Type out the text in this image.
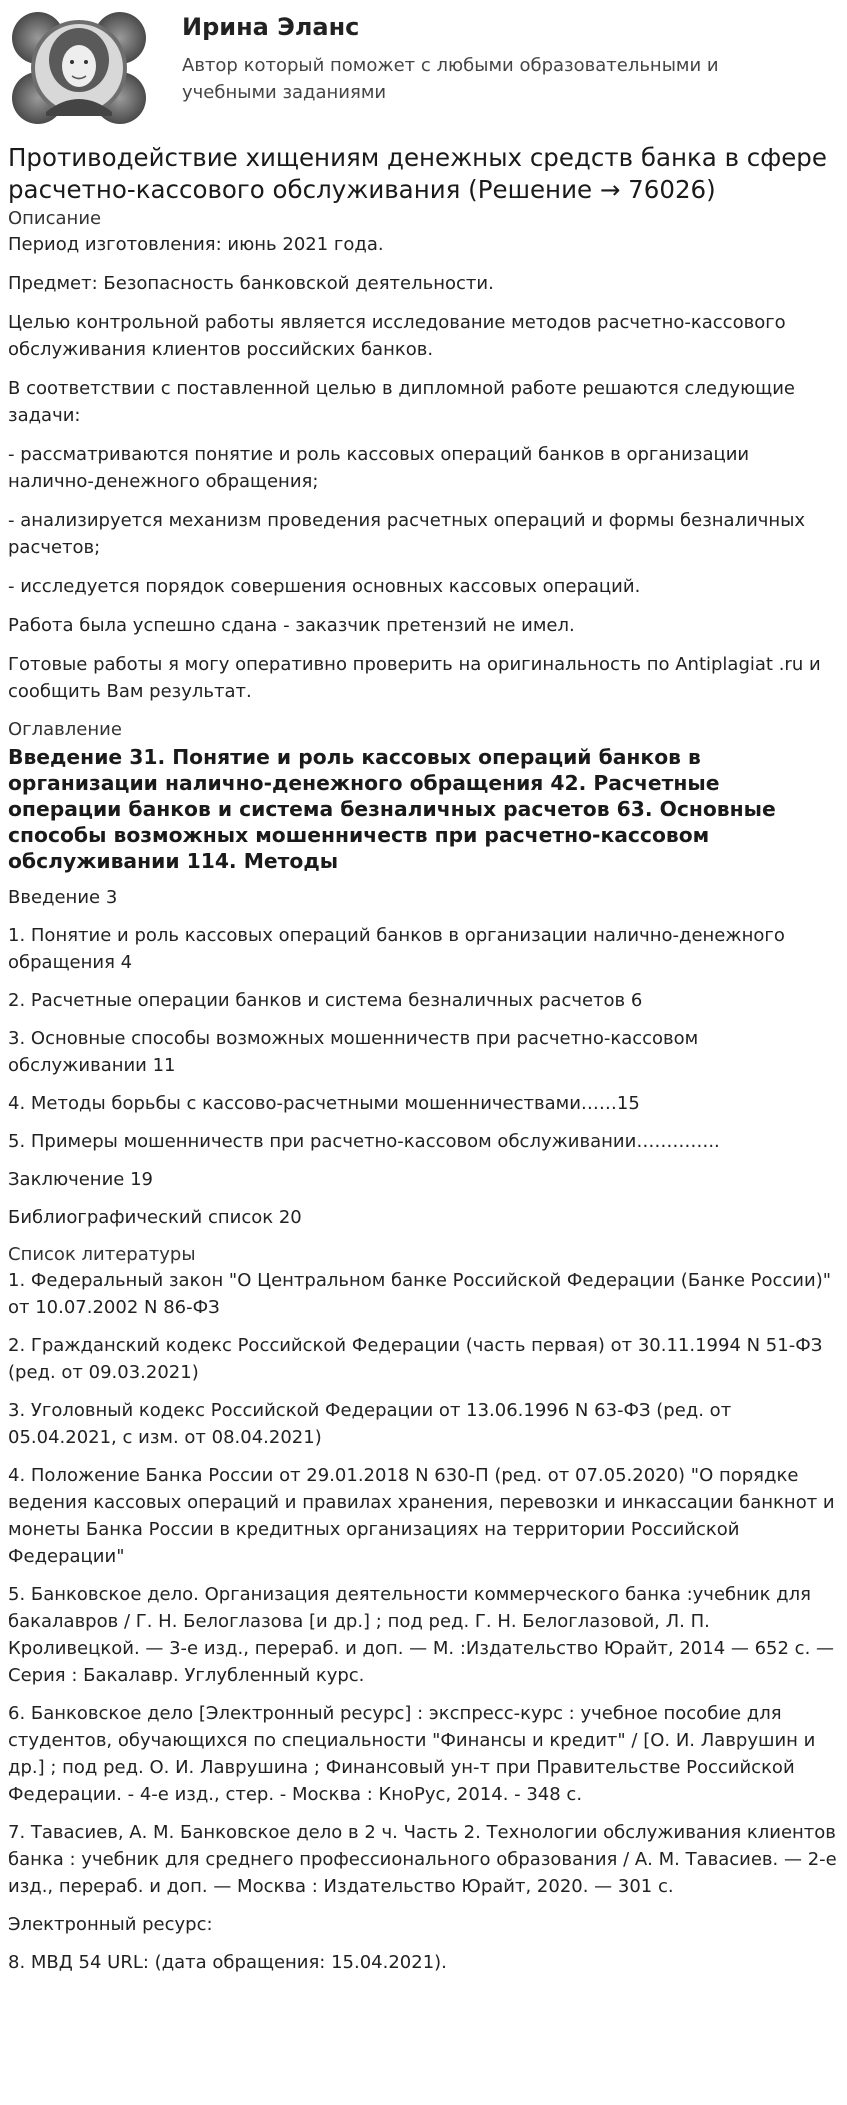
Ирина Эланс
Автор который поможет с любыми образовательными и учебными заданиями
Противодействие хищениям денежных средств банка в сфере расчетно-кассового обслуживания (Решение → 76026)
Описание

Период изготовления: июнь 2021 года.

Предмет: Безопасность банковской деятельности.

Целью контрольной работы является исследование методов расчетно-кассового обслуживания клиентов российских банков.

В соответствии с поставленной целью в дипломной работе решаются следующие задачи:

- рассматриваются понятие и роль кассовых операций банков в организации налично-денежного обращения;

- анализируется механизм проведения расчетных операций и формы безналичных расчетов;

- исследуется порядок совершения основных кассовых операций.

Работа была успешно сдана - заказчик претензий не имел.

Готовые работы я могу оперативно проверить на оригинальность по Antiplagiat .ru и сообщить Вам результат.

Оглавление
Введение 31. Понятие и роль кассовых операций банков в организации налично-денежного обращения 42. Расчетные операции банков и система безналичных расчетов 63. Основные способы возможных мошенничеств при расчетно-кассовом обслуживании 114. Методы

Введение 3

1. Понятие и роль кассовых операций банков в организации налично-денежного обращения 4

2. Расчетные операции банков и система безналичных расчетов 6

3. Основные способы возможных мошенничеств при расчетно-кассовом обслуживании 11

4. Методы борьбы с кассово-расчетными мошенничествами……15

5. Примеры мошенничеств при расчетно-кассовом обслуживании…………..

Заключение 19

Библиографический список 20

Список литературы

1. Федеральный закон "О Центральном банке Российской Федерации (Банке России)" от 10.07.2002 N 86-ФЗ

2. Гражданский кодекс Российской Федерации (часть первая) от 30.11.1994 N 51-ФЗ (ред. от 09.03.2021)

3. Уголовный кодекс Российской Федерации от 13.06.1996 N 63-ФЗ (ред. от 05.04.2021, с изм. от 08.04.2021)

4. Положение Банка России от 29.01.2018 N 630-П (ред. от 07.05.2020) "О порядке ведения кассовых операций и правилах хранения, перевозки и инкассации банкнот и монеты Банка России в кредитных организациях на территории Российской Федерации"

5. Банковское дело. Организация деятельности коммерческого банка :учебник для бакалавров / Г. Н. Белоглазова [и др.] ; под ред. Г. Н. Белоглазовой, Л. П. Кроливецкой. — 3-е изд., перераб. и доп. — М. :Издательство Юрайт, 2014 — 652 с. — Серия : Бакалавр. Углубленный курс.

6. Банковское дело [Электронный ресурс] : экспресс-курс : учебное пособие для студентов, обучающихся по специальности "Финансы и кредит" / [О. И. Лаврушин и др.] ; под ред. О. И. Лаврушина ; Финансовый ун-т при Правительстве Российской Федерации. - 4-е изд., стер. - Москва : КноРус, 2014. - 348 с.

7. Тавасиев, А. М. Банковское дело в 2 ч. Часть 2. Технологии обслуживания клиентов банка : учебник для среднего профессионального образования / А. М. Тавасиев. — 2-е изд., перераб. и доп. — Москва : Издательство Юрайт, 2020. — 301 с.

Электронный ресурс:

8. МВД 54 URL: (дата обращения: 15.04.2021).
